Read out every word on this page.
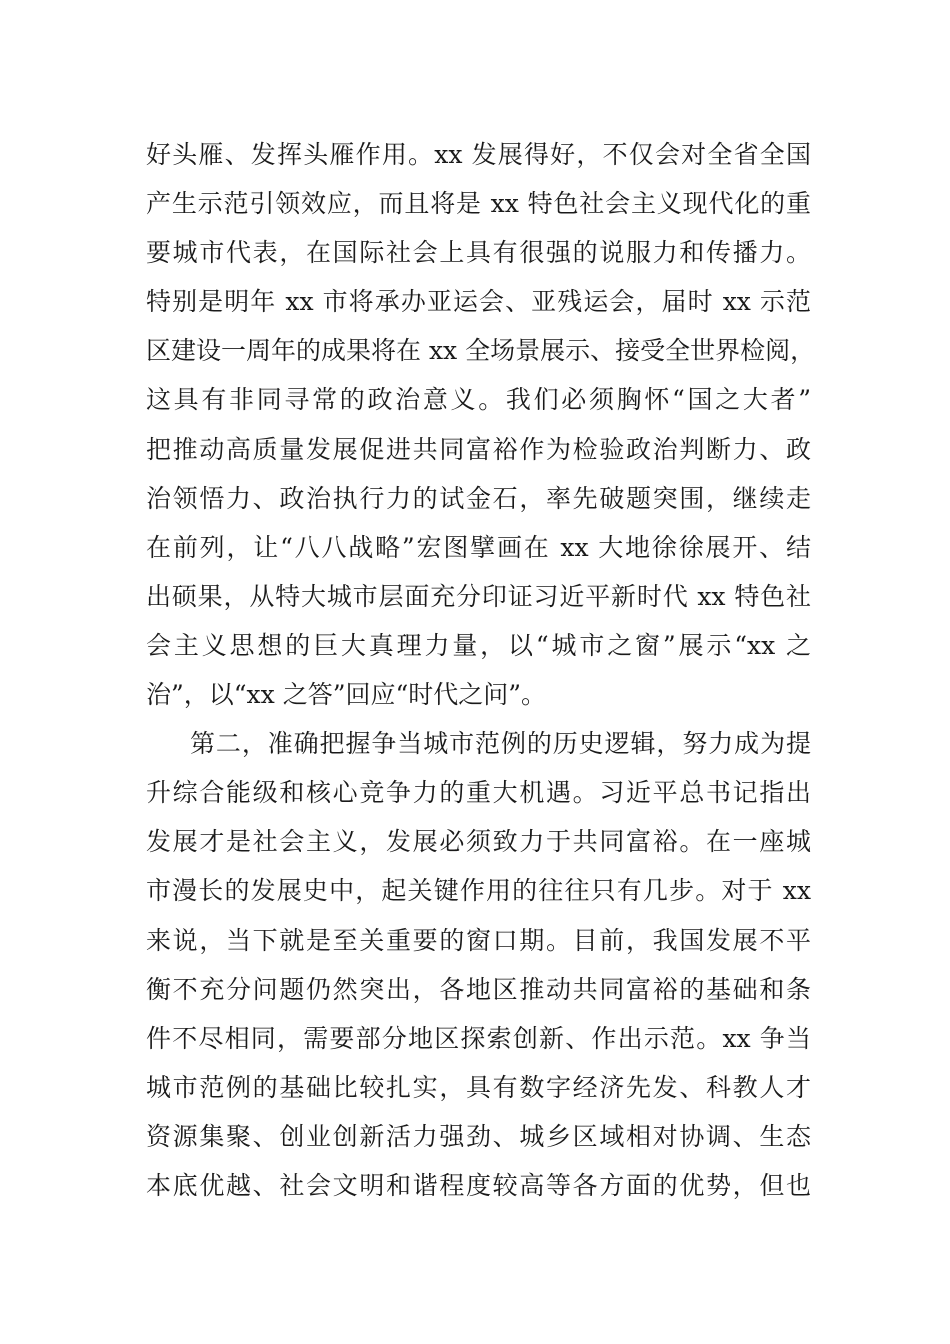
好头雁、发挥头雁作用。xx 发展得好，不仅会对全省全国
产生示范引领效应，而且将是 xx 特色社会主义现代化的重
要城市代表，在国际社会上具有很强的说服力和传播力。
特别是明年 xx 市将承办亚运会、亚残运会，届时 xx 示范
区建设一周年的成果将在 xx 全场景展示、接受全世界检阅，
这具有非同寻常的政治意义。我们必须胸怀“国之大者”
把推动高质量发展促进共同富裕作为检验政治判断力、政
治领悟力、政治执行力的试金石，率先破题突围，继续走
在前列，让“八八战略”宏图擘画在 xx 大地徐徐展开、结
出硕果，从特大城市层面充分印证习近平新时代 xx 特色社
会主义思想的巨大真理力量，以“城市之窗”展示“xx 之
治”，以“xx 之答”回应“时代之问”。
第二，准确把握争当城市范例的历史逻辑，努力成为提
升综合能级和核心竞争力的重大机遇。习近平总书记指出
发展才是社会主义，发展必须致力于共同富裕。在一座城
市漫长的发展史中，起关键作用的往往只有几步。对于 xx
来说，当下就是至关重要的窗口期。目前，我国发展不平
衡不充分问题仍然突出，各地区推动共同富裕的基础和条
件不尽相同，需要部分地区探索创新、作出示范。xx 争当
城市范例的基础比较扎实，具有数字经济先发、科教人才
资源集聚、创业创新活力强劲、城乡区域相对协调、生态
本底优越、社会文明和谐程度较高等各方面的优势，但也
